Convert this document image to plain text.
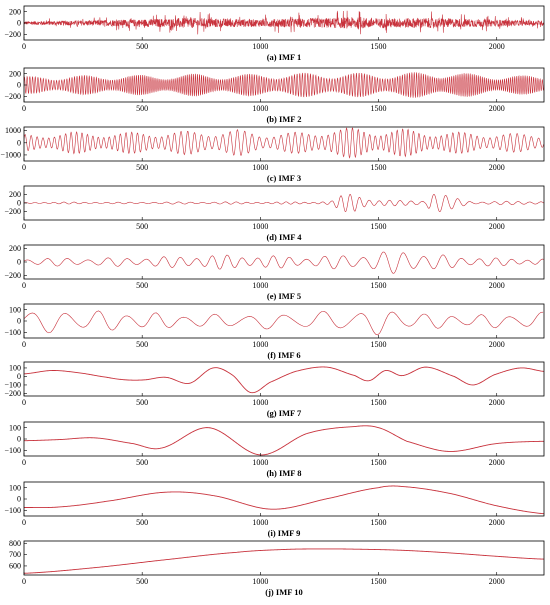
200
0
−200
0	500	1000	1500	2000
(a) IMF 1
200
0
−200
0	500	1000	1500	2000
(b) IMF 2
1000
0
−1000
0	500	1000	1500	2000
(c) IMF 3
200
0
−200
0	500	1000	1500	2000
(d) IMF 4
200
0
−200
0	500	1000	1500	2000
(e) IMF 5
100
0
−100
0	500	1000	1500	2000
(f) IMF 6
100
0
−100
−200
0	500	1000	1500	2000
(g) IMF 7
100
0
−100
0	500	1000	1500	2000
(h) IMF 8
100
0
−100
0	500	1000	1500	2000
(i) IMF 9
800
700
600
0	500	1000	1500	2000
(j) IMF 10
